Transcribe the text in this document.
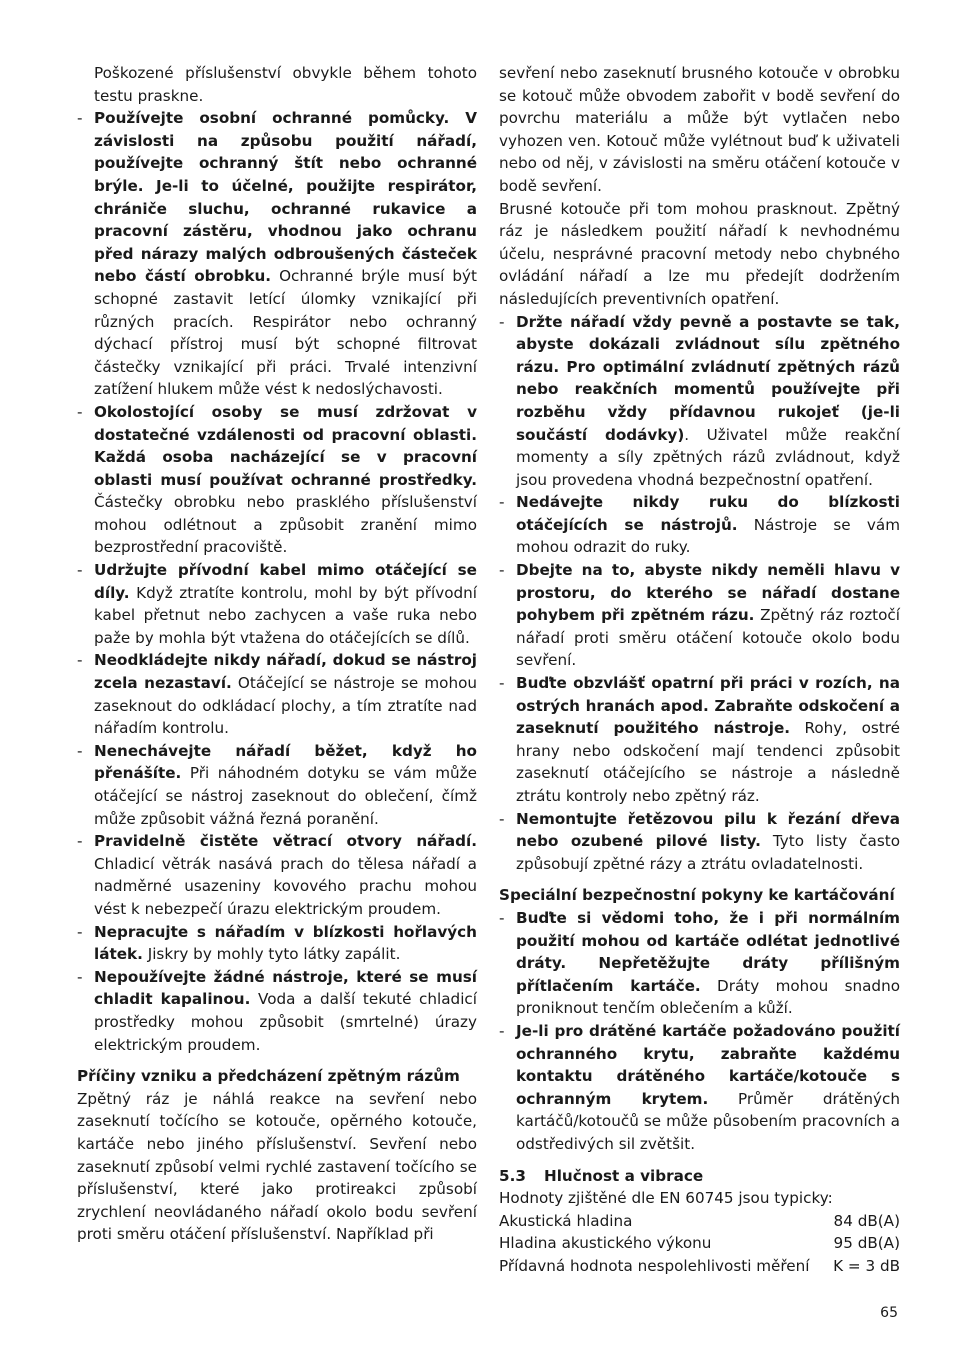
Poškozené příslušenství obvykle během tohoto testu praskne.

- Používejte osobní ochranné pomůcky. V závislosti na způsobu použití nářadí, používejte ochranný štít nebo ochranné brýle. Je-li to účelné, použijte respirátor, chrániče sluchu, ochranné rukavice a pracovní zástěru, vhodnou jako ochranu před nárazy malých odbroušených částeček nebo částí obrobku. Ochranné brýle musí být schopné zastavit letící úlomky vznikající při různých pracích. Respirátor nebo ochranný dýchací přístroj musí být schopné filtrovat částečky vznikající při práci. Trvalé intenzivní zatížení hlukem může vést k nedoslýchavosti.
- Okolostojící osoby se musí zdržovat v dostatečné vzdálenosti od pracovní oblasti. Každá osoba nacházející se v pracovní oblasti musí používat ochranné prostředky. Částečky obrobku nebo prasklého příslušenství mohou odlétnout a způsobit zranění mimo bezprostřední pracoviště.
- Udržujte přívodní kabel mimo otáčející se díly. Když ztratíte kontrolu, mohl by být přívodní kabel přetnut nebo zachycen a vaše ruka nebo paže by mohla být vtažena do otáčejících se dílů.
- Neodkládejte nikdy nářadí, dokud se nástroj zcela nezastaví. Otáčející se nástroje se mohou zaseknout do odkládací plochy, a tím ztratíte nad nářadím kontrolu.
- Nenechávejte nářadí běžet, když ho přenášíte. Při náhodném dotyku se vám může otáčející se nástroj zaseknout do oblečení, čímž může způsobit vážná řezná poranění.
- Pravidelně čistěte větrací otvory nářadí. Chladicí větrák nasává prach do tělesa nářadí a nadměrné usazeniny kovového prachu mohou vést k nebezpečí úrazu elektrickým proudem.
- Nepracujte s nářadím v blízkosti hořlavých látek. Jiskry by mohly tyto látky zapálit.
- Nepoužívejte žádné nástroje, které se musí chladit kapalinou. Voda a další tekuté chladicí prostředky mohou způsobit (smrtelné) úrazy elektrickým proudem.

Příčiny vzniku a předcházení zpětným rázům

Zpětný ráz je náhlá reakce na sevření nebo zaseknutí točícího se kotouče, opěrného kotouče, kartáče nebo jiného příslušenství. Sevření nebo zaseknutí způsobí velmi rychlé zastavení točícího se příslušenství, které jako protireakci způsobí zrychlení neovládaného nářadí okolo bodu sevření proti směru otáčení příslušenství. Například při

sevření nebo zaseknutí brusného kotouče v obrobku se kotouč může obvodem zabořit v bodě sevření do povrchu materiálu a může být vytlačen nebo vyhozen ven. Kotouč může vylétnout buď k uživateli nebo od něj, v závislosti na směru otáčení kotouče v bodě sevření.

Brusné kotouče při tom mohou prasknout. Zpětný ráz je následkem použití nářadí k nevhodnému účelu, nesprávné pracovní metody nebo chybného ovládání nářadí a lze mu předejít dodržením následujících preventivních opatření.

- Držte nářadí vždy pevně a postavte se tak, abyste dokázali zvládnout sílu zpětného rázu. Pro optimální zvládnutí zpětných rázů nebo reakčních momentů používejte při rozběhu vždy přídavnou rukojeť (je-li součástí dodávky). Uživatel může reakční momenty a síly zpětných rázů zvládnout, když jsou provedena vhodná bezpečnostní opatření.
- Nedávejte nikdy ruku do blízkosti otáčejících se nástrojů. Nástroje se vám mohou odrazit do ruky.
- Dbejte na to, abyste nikdy neměli hlavu v prostoru, do kterého se nářadí dostane pohybem při zpětném rázu. Zpětný ráz roztočí nářadí proti směru otáčení kotouče okolo bodu sevření.
- Buďte obzvlášť opatrní při práci v rozích, na ostrých hranách apod. Zabraňte odskočení a zaseknutí použitého nástroje. Rohy, ostré hrany nebo odskočení mají tendenci způsobit zaseknutí otáčejícího se nástroje a následně ztrátu kontroly nebo zpětný ráz.
- Nemontujte řetězovou pilu k řezání dřeva nebo ozubené pilové listy. Tyto listy často způsobují zpětné rázy a ztrátu ovladatelnosti.

Speciální bezpečnostní pokyny ke kartáčování

- Buďte si vědomi toho, že i při normálním použití mohou od kartáče odlétat jednotlivé dráty. Nepřetěžujte dráty přílišným přítlačením kartáče. Dráty mohou snadno proniknout tenčím oblečením a kůží.
- Je-li pro drátěné kartáče požadováno použití ochranného krytu, zabraňte každému kontaktu drátěného kartáče/kotouče s ochranným krytem. Průměr drátěných kartáčů/kotoučů se může působením pracovních a odstředivých sil zvětšit.

5.3 Hlučnost a vibrace

Hodnoty zjištěné dle EN 60745 jsou typicky:

Akustická hladina	84 dB(A)
Hladina akustického výkonu	95 dB(A)
Přídavná hodnota nespolehlivosti měření	K = 3 dB
65
